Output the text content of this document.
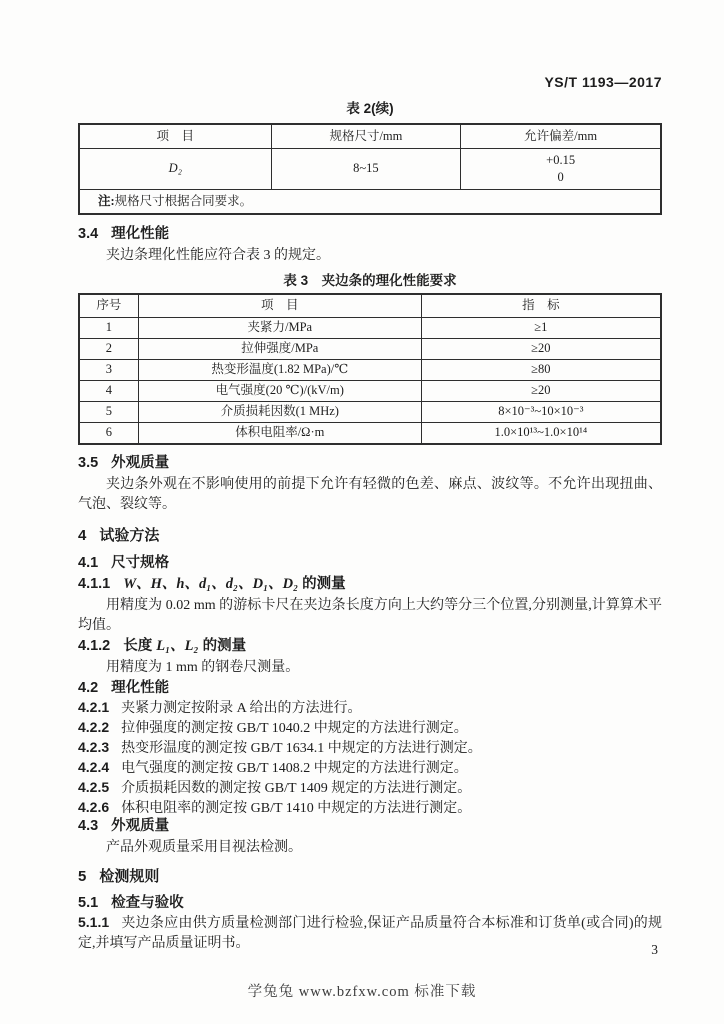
YS/T 1193—2017
表 2(续)
项　目	规格尺寸/mm	允许偏差/mm
D₂	8~15	+0.15
0

注:规格尺寸根据合同要求。		
3.4 理化性能

夹边条理化性能应符合表 3 的规定。

表 3　夹边条的理化性能要求
序号	项　目	指　标
1	夹紧力/MPa	≥1
2	拉伸强度/MPa	≥20
3	热变形温度(1.82 MPa)/℃	≥80
4	电气强度(20 ℃)/(kV/m)	≥20
5	介质损耗因数(1 MHz)	8×10⁻³~10×10⁻³
6	体积电阻率/Ω·m	1.0×10¹³~1.0×10¹⁴
3.5 外观质量

夹边条外观在不影响使用的前提下允许有轻微的色差、麻点、波纹等。不允许出现扭曲、气泡、裂纹等。

4 试验方法
4.1 尺寸规格
4.1.1 W、H、h、d₁、d₂、D₁、D₂ 的测量

用精度为 0.02 mm 的游标卡尺在夹边条长度方向上大约等分三个位置,分别测量,计算算术平均值。

4.1.2 长度 L₁、L₂ 的测量

用精度为 1 mm 的钢卷尺测量。

4.2 理化性能

4.2.1 夹紧力测定按附录 A 给出的方法进行。

4.2.2 拉伸强度的测定按 GB/T 1040.2 中规定的方法进行测定。

4.2.3 热变形温度的测定按 GB/T 1634.1 中规定的方法进行测定。

4.2.4 电气强度的测定按 GB/T 1408.2 中规定的方法进行测定。

4.2.5 介质损耗因数的测定按 GB/T 1409 规定的方法进行测定。

4.2.6 体积电阻率的测定按 GB/T 1410 中规定的方法进行测定。

4.3 外观质量

产品外观质量采用目视法检测。

5 检测规则
5.1 检查与验收

5.1.1 夹边条应由供方质量检测部门进行检验,保证产品质量符合本标准和订货单(或合同)的规定,并填写产品质量证明书。	3
学兔兔 www.bzfxw.com 标准下载
